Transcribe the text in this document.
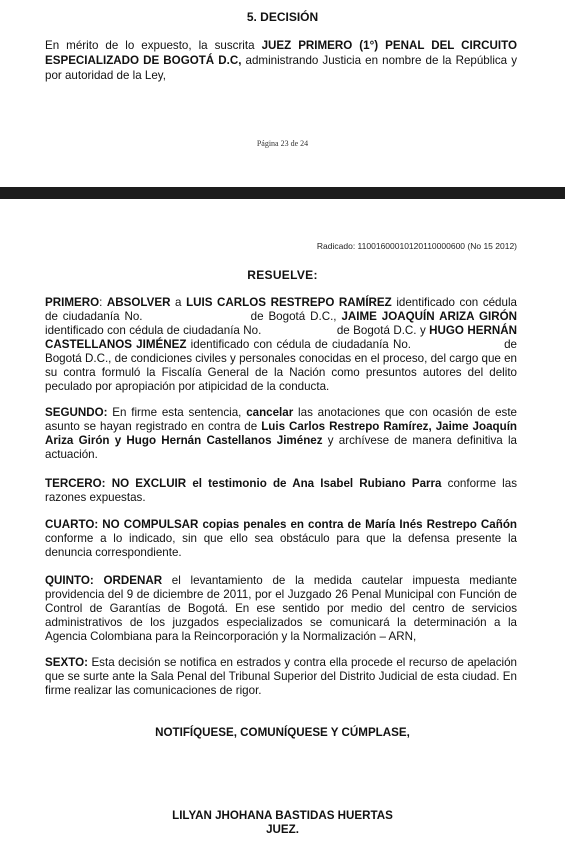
5. DECISIÓN
En mérito de lo expuesto, la suscrita JUEZ PRIMERO (1°) PENAL DEL CIRCUITO ESPECIALIZADO DE BOGOTÁ D.C, administrando Justicia en nombre de la República y por autoridad de la Ley,
Página 23 de 24
Radicado: 11001600010120110000600 (No 15 2012)
RESUELVE:
PRIMERO: ABSOLVER a LUIS CARLOS RESTREPO RAMÍREZ identificado con cédula de ciudadanía No.                      de Bogotá D.C., JAIME JOAQUÍN ARIZA GIRÓN identificado con cédula de ciudadanía No.                      de Bogotá D.C. y HUGO HERNÁN CASTELLANOS JIMÉNEZ identificado con cédula de ciudadanía No.                      de Bogotá D.C., de condiciones civiles y personales conocidas en el proceso, del cargo que en su contra formuló la Fiscalía General de la Nación como presuntos autores del delito peculado por apropiación por atipicidad de la conducta.
SEGUNDO: En firme esta sentencia, cancelar las anotaciones que con ocasión de este asunto se hayan registrado en contra de Luis Carlos Restrepo Ramírez, Jaime Joaquín Ariza Girón y Hugo Hernán Castellanos Jiménez y archívese de manera definitiva la actuación.
TERCERO: NO EXCLUIR el testimonio de Ana Isabel Rubiano Parra conforme las razones expuestas.
CUARTO: NO COMPULSAR copias penales en contra de María Inés Restrepo Cañón conforme a lo indicado, sin que ello sea obstáculo para que la defensa presente la denuncia correspondiente.
QUINTO: ORDENAR el levantamiento de la medida cautelar impuesta mediante providencia del 9 de diciembre de 2011, por el Juzgado 26 Penal Municipal con Función de Control de Garantías de Bogotá. En ese sentido por medio del centro de servicios administrativos de los juzgados especializados se comunicará la determinación a la Agencia Colombiana para la Reincorporación y la Normalización – ARN,
SEXTO: Esta decisión se notifica en estrados y contra ella procede el recurso de apelación que se surte ante la Sala Penal del Tribunal Superior del Distrito Judicial de esta ciudad. En firme realizar las comunicaciones de rigor.
NOTIFÍQUESE, COMUNÍQUESE Y CÚMPLASE,
LILYAN JHOHANA BASTIDAS HUERTAS
JUEZ.
